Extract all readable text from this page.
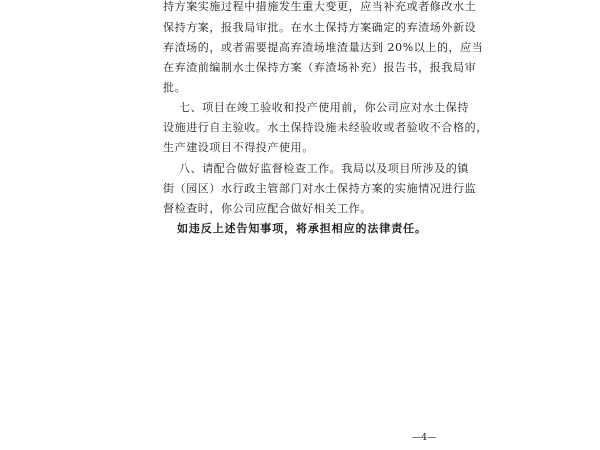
持方案实施过程中措施发生重大变更，应当补充或者修改水土
保持方案，报我局审批。在水土保持方案确定的弃渣场外新设
弃渣场的，或者需要提高弃渣场堆渣量达到 20%以上的，应当
在弃渣前编制水土保持方案（弃渣场补充）报告书，报我局审
批。
七、项目在竣工验收和投产使用前，你公司应对水土保持
设施进行自主验收。水土保持设施未经验收或者验收不合格的，
生产建设项目不得投产使用。
八、请配合做好监督检查工作。我局以及项目所涉及的镇
街（园区）水行政主管部门对水土保持方案的实施情况进行监
督检查时，你公司应配合做好相关工作。
如违反上述告知事项，将承担相应的法律责任。
—4—
